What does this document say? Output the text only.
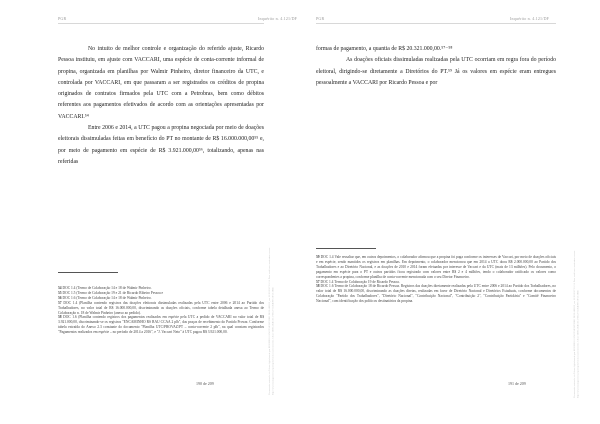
PGR	Inquérito n. 4.121/DF

No intuito de melhor controle e organização do referido ajuste, Ricardo Pessoa instituiu, em ajuste com VACCARI, uma espécie de conta-corrente informal de propina, organizada em planilhas por Walmir Pinheiro, diretor financeiro da UTC, e controlada por VACCARI, em que passaram a ser registrados os créditos de propina originados de contratos firmados pela UTC com a Petrobras, bem como débitos referentes aos pagamentos efetivados de acordo com as orientações apresentadas por VACCARI.⁵⁴

Entre 2006 e 2014, a UTC pagou a propina negociada por meio de doações eleitorais dissimuladas feitas em benefício do PT no montante de R$ 16.000.000,00⁵⁵ e, por meio de pagamento em espécie de R$ 3.921.000,00⁵⁶, totalizando, apenas nas referidas

54 DOC 1.4 (Termo de Colaboração 14 e 18 de Walmir Pinheiro.
55 DOC 1.5 (Termo de Colaboração 19 e 21 de Ricardo Ribeiro Pessoa e
56 DOC 1.6 (Termo de Colaboração 14 e 18 de Walmir Pinheiro.
57 DOC 1.4 (Planilha contendo registros das doações eleitorais dissimuladas realizadas pela UTC entre 2006 e 2014 ao Partido dos Trabalhadores, no valor total de R$ 16.000.000,00, discriminando as doações oficiais, conforme tabela detalhada anexa ao Termo de Colaboração n. 18 de Walmir Pinheiro (anexo ao pedido).
58 DOC 1.6 (Planilha contendo registros dos pagamentos realizados em espécie pela UTC a pedido de VACCARI no valor total de R$ 3.921.000,00, discriminando-se os registros "ENCAMINHO RS BAU CCAA 2 plb", das praças de recebimento do Partido Provaz. Conforme tabela extraída do Anexo 2.3 constante do documento "Planilha UTC/PROVAZ/PT – conta-corrente 2 plb", na qual constam registrados "Pagamentos realizados em espécie – no período de 2014 a 2016", e "J. Vaccari Neto" à UTC pagou R$ 3.921.000,00.
190 de 209	Documento assinado via Token digitalmente por RODRIGO JANOT MONTEIRO DE BARROS, em 31/03/2017 11:51. Para verificar a assinatura acesse http://www.transparencia.mpf.mp.br/validacaodocumento. Chave 4B0C5E4E.E1A7BC27.85E4E9F1.0F5C1B6E
PGR	Inquérito n. 4.121/DF

formas de pagamento, a quantia de R$ 20.321.000,00.⁵⁷⁻⁵⁸

As doações oficiais dissimuladas realizadas pela UTC ocorriam em regra fora do período eleitoral, dirigindo-se diretamente a Diretórios do PT.⁵⁹ Já os valores em espécie eram entregues pessoalmente a VACCARI por Ricardo Pessoa e por

59 DOC 1.4 Vale ressaltar que, em outros depoimentos, o colaborador afirmou que a propina foi paga conforme os interesses de Vaccari, por meio de doações oficiais e em espécie, sendo mantidos os registros em planilhas. Em depoimento, o colaborador mencionou que em 2014 a UTC doou R$ 2.000.000,00 ao Partido dos Trabalhadores e ao Diretório Nacional, e as doações de 2010 e 2014 foram efetuadas por interesse de Vaccari e da UTC (mais de 13 milhões). Pelo documento, o pagamento em espécie para o PT e outros partidos ficou registrado com valores entre R$ 2 e 4 milhões, tendo o colaborador ratificado os valores como correspondentes a propina, conforme planilha de conta-corrente mencionada com o seu Diretor Financeiro.
57 DOC 1.4 Termo de Colaboração 19 de Ricardo Pessoa.
58 DOC 1.6 Termo de Colaboração 18 de Ricardo Pessoa. Registros das doações diretamente realizadas pela UTC entre 2006 e 2014 ao Partido dos Trabalhadores, no valor total de R$ 16.000.000,00, discriminando as doações diretas, realizadas em favor de Diretório Nacional e Diretórios Estaduais, conforme documentos de Colaboração "Partido dos Trabalhadores", "Diretório Nacional", "Contribuição Nacional", "Contribuição 2", "Contribuição Partidária" e "Comitê Financeiro Nacional", com identificação dos políticos destinatários da propina.
191 de 209	Documento assinado via Token digitalmente por RODRIGO JANOT MONTEIRO DE BARROS, em 31/03/2017 11:51. Para verificar a assinatura acesse http://www.transparencia.mpf.mp.br/validacaodocumento. Chave 4B0C5E4E.E1A7BC27.85E4E9F1.0F5C1B6E
